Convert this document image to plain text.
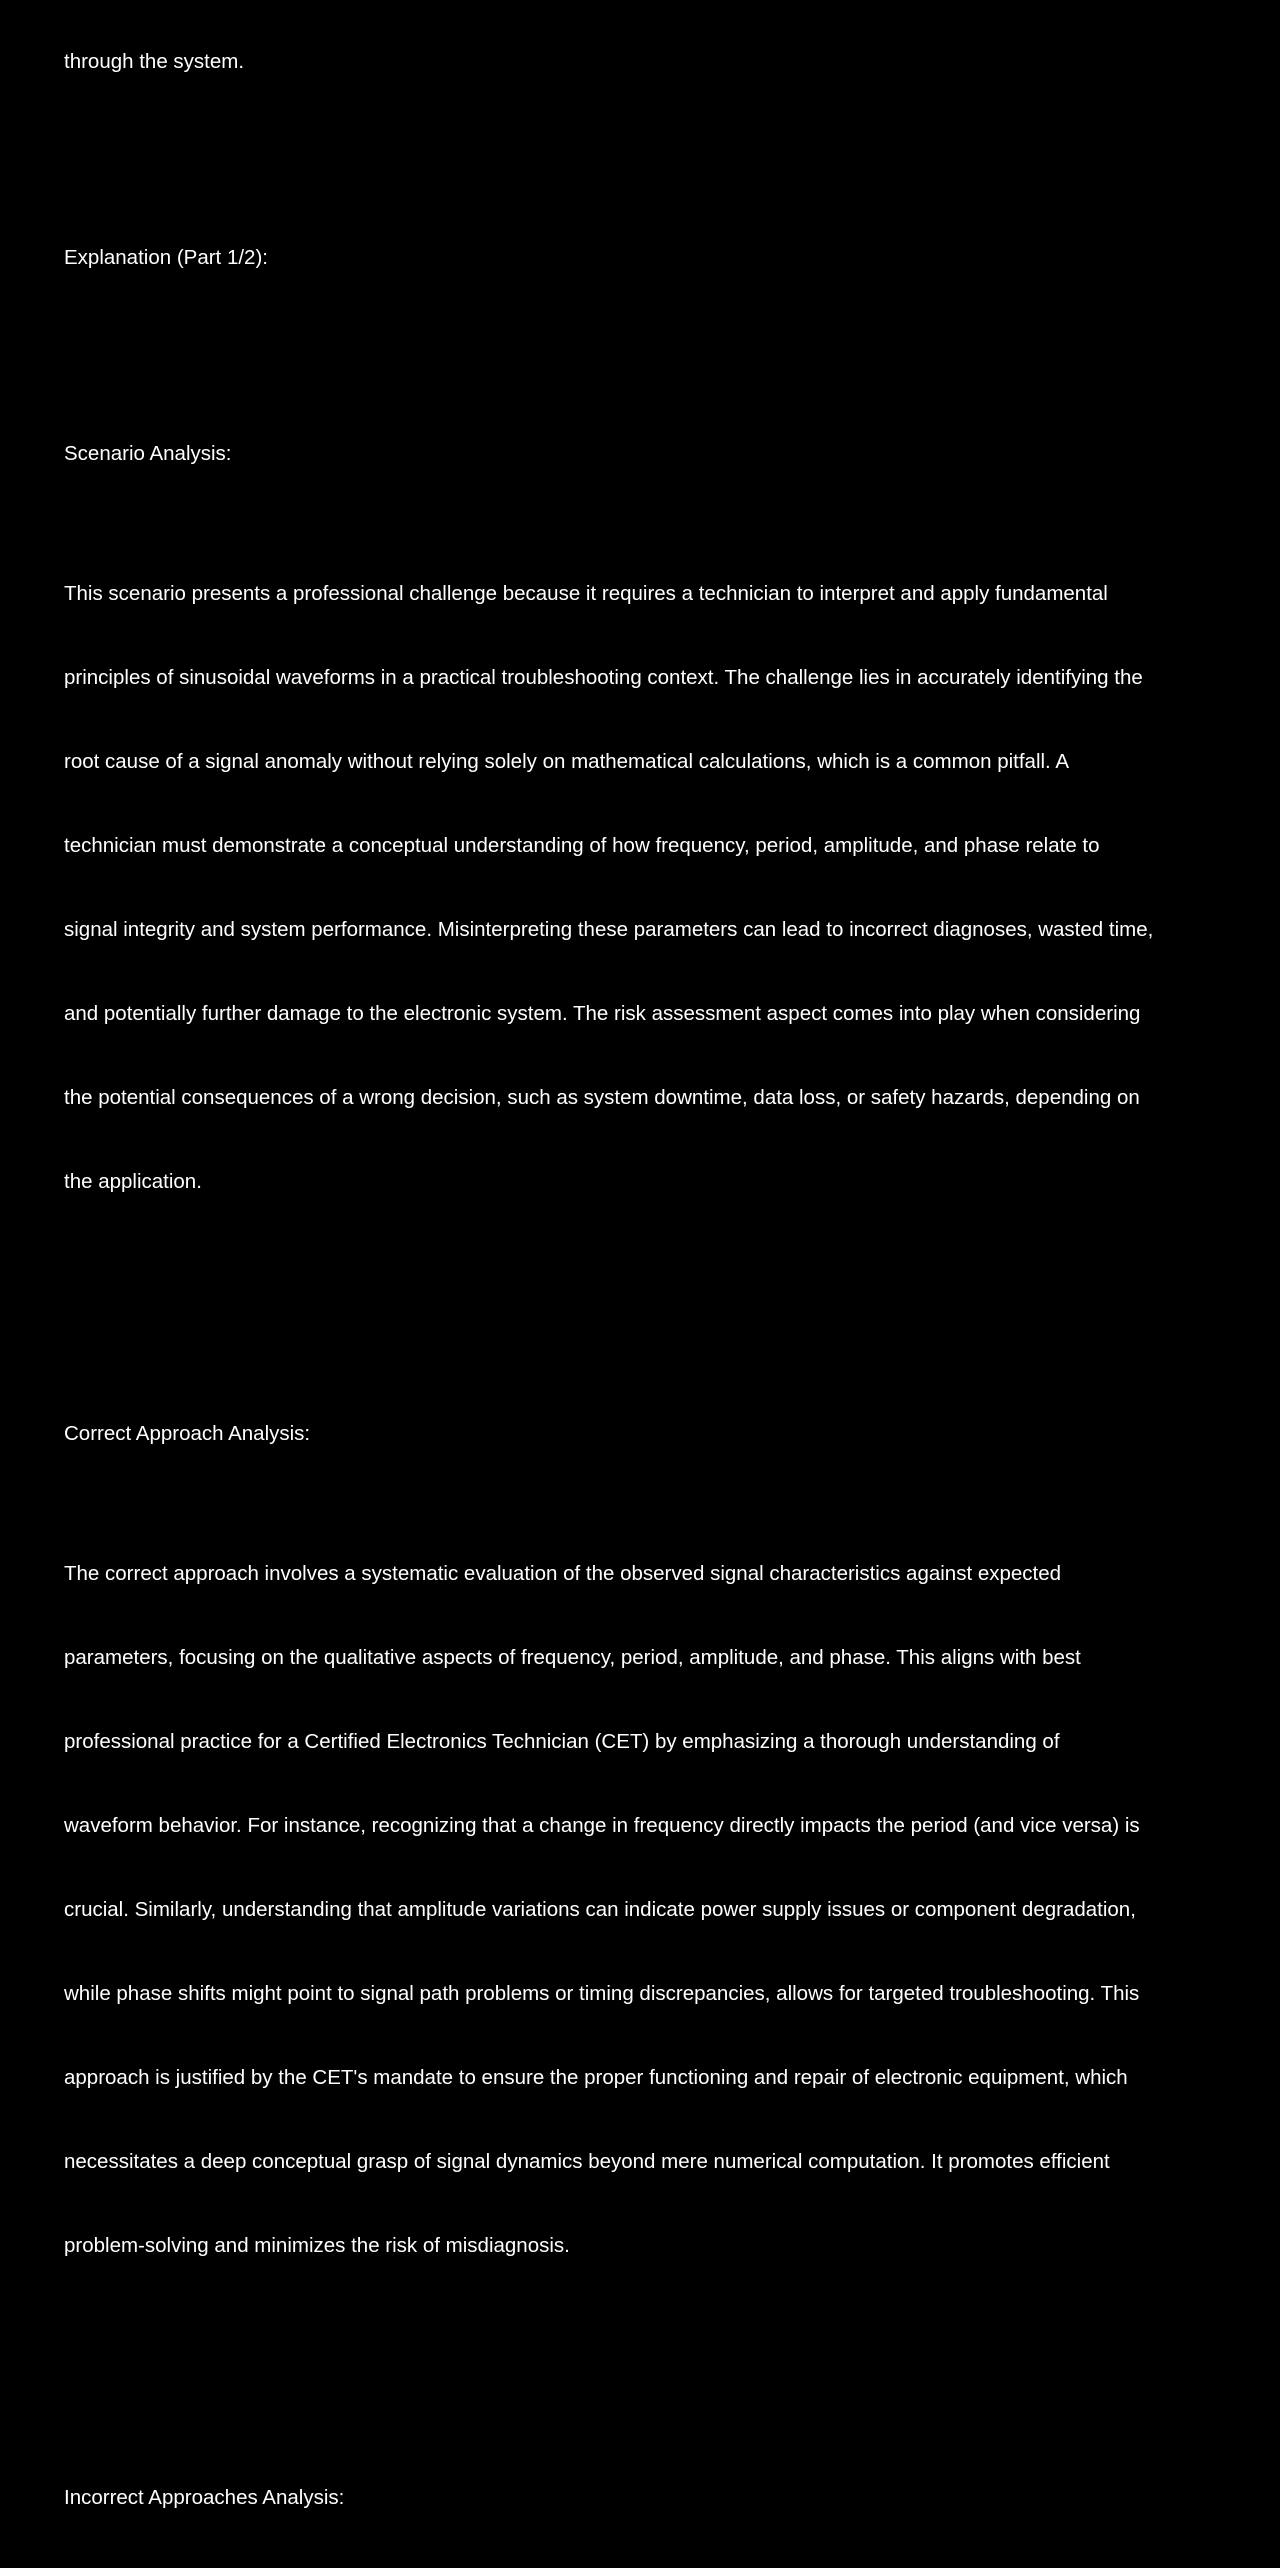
through the system.

Explanation (Part 1/2):

Scenario Analysis:

This scenario presents a professional challenge because it requires a technician to interpret and apply fundamental

principles of sinusoidal waveforms in a practical troubleshooting context. The challenge lies in accurately identifying the

root cause of a signal anomaly without relying solely on mathematical calculations, which is a common pitfall. A

technician must demonstrate a conceptual understanding of how frequency, period, amplitude, and phase relate to

signal integrity and system performance. Misinterpreting these parameters can lead to incorrect diagnoses, wasted time,

and potentially further damage to the electronic system. The risk assessment aspect comes into play when considering

the potential consequences of a wrong decision, such as system downtime, data loss, or safety hazards, depending on

the application.

Correct Approach Analysis:

The correct approach involves a systematic evaluation of the observed signal characteristics against expected

parameters, focusing on the qualitative aspects of frequency, period, amplitude, and phase. This aligns with best

professional practice for a Certified Electronics Technician (CET) by emphasizing a thorough understanding of

waveform behavior. For instance, recognizing that a change in frequency directly impacts the period (and vice versa) is

crucial. Similarly, understanding that amplitude variations can indicate power supply issues or component degradation,

while phase shifts might point to signal path problems or timing discrepancies, allows for targeted troubleshooting. This

approach is justified by the CET's mandate to ensure the proper functioning and repair of electronic equipment, which

necessitates a deep conceptual grasp of signal dynamics beyond mere numerical computation. It promotes efficient

problem-solving and minimizes the risk of misdiagnosis.

Incorrect Approaches Analysis:
